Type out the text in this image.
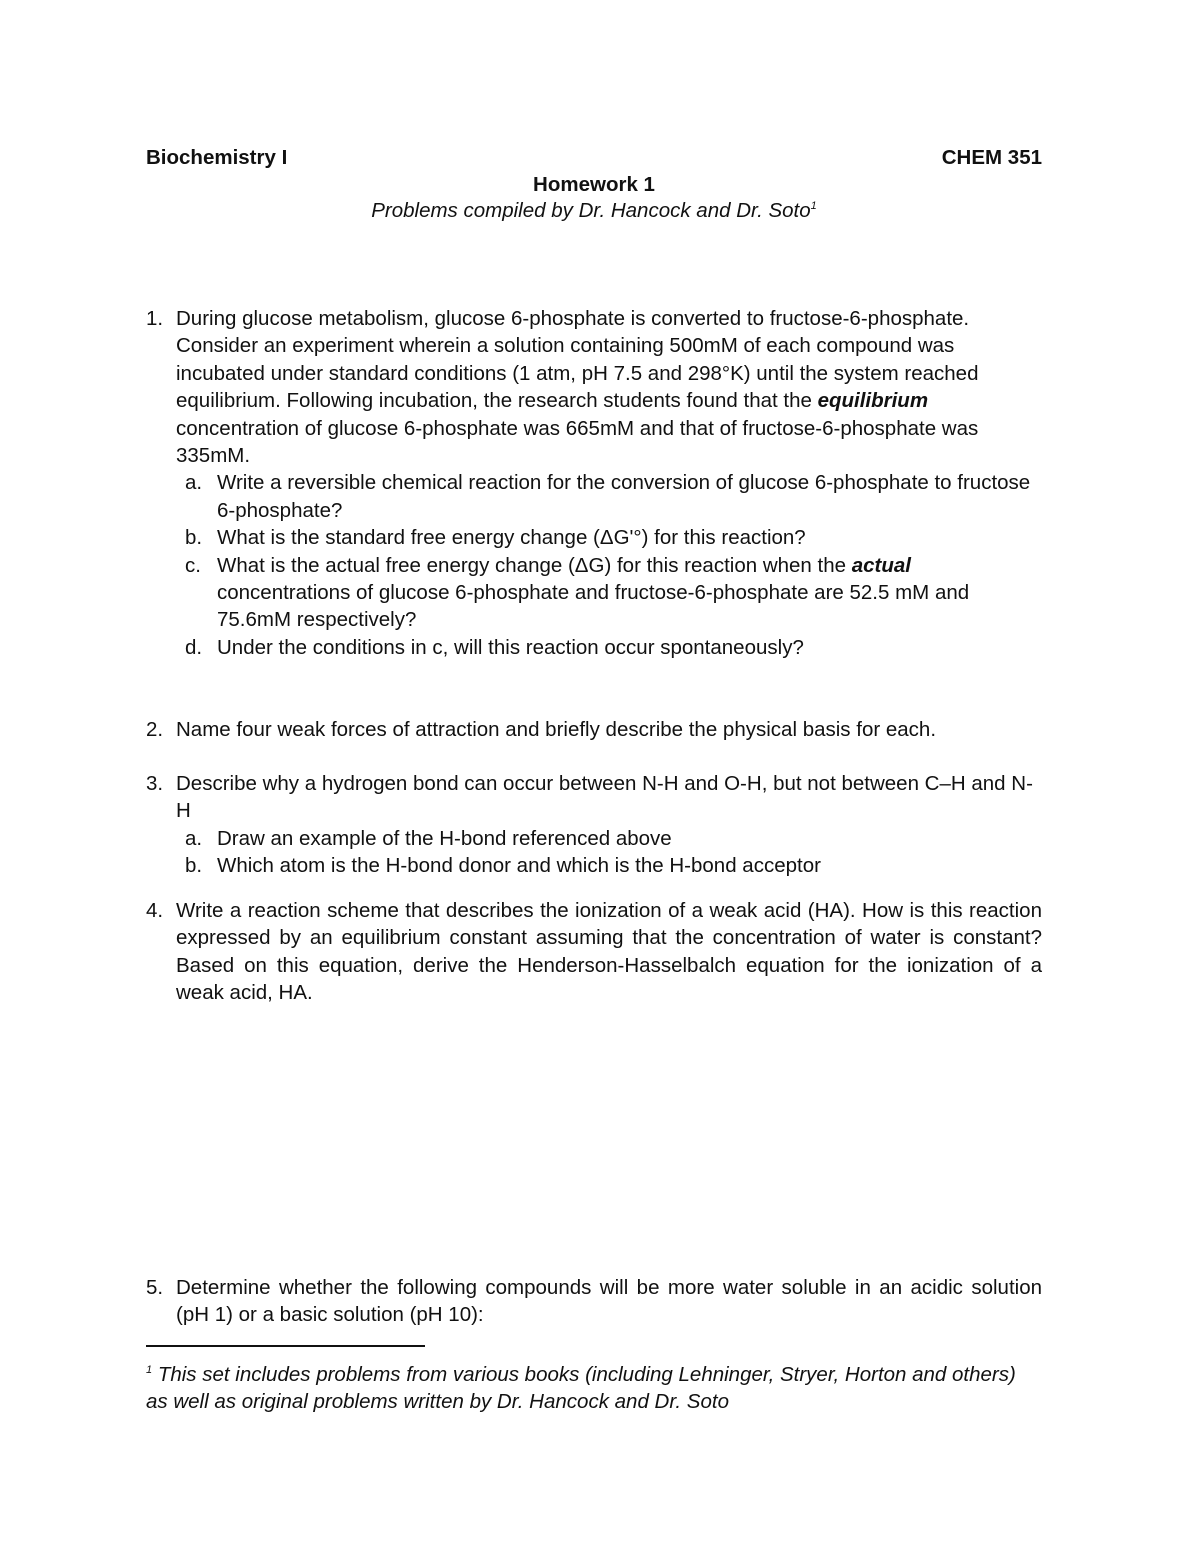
Biochemistry I	CHEM 351
Homework 1
Problems compiled by Dr. Hancock and Dr. Soto$^1$
1. During glucose metabolism, glucose 6-phosphate is converted to fructose-6-phosphate. Consider an experiment wherein a solution containing 500mM of each compound was incubated under standard conditions (1 atm, pH 7.5 and 298°K) until the system reached equilibrium. Following incubation, the research students found that the equilibrium concentration of glucose 6-phosphate was 665mM and that of fructose-6-phosphate was 335mM.
a. Write a reversible chemical reaction for the conversion of glucose 6-phosphate to fructose 6-phosphate?
b. What is the standard free energy change (ΔG'°) for this reaction?
c. What is the actual free energy change (ΔG) for this reaction when the actual concentrations of glucose 6-phosphate and fructose-6-phosphate are 52.5 mM and 75.6mM respectively?
d. Under the conditions in c, will this reaction occur spontaneously?
2. Name four weak forces of attraction and briefly describe the physical basis for each.
3. Describe why a hydrogen bond can occur between N-H and O-H, but not between C–H and N-H
a. Draw an example of the H-bond referenced above
b. Which atom is the H-bond donor and which is the H-bond acceptor
4. Write a reaction scheme that describes the ionization of a weak acid (HA). How is this reaction expressed by an equilibrium constant assuming that the concentration of water is constant? Based on this equation, derive the Henderson-Hasselbalch equation for the ionization of a weak acid, HA.
5. Determine whether the following compounds will be more water soluble in an acidic solution (pH 1) or a basic solution (pH 10):
$^1$ This set includes problems from various books (including Lehninger, Stryer, Horton and others) as well as original problems written by Dr. Hancock and Dr. Soto
